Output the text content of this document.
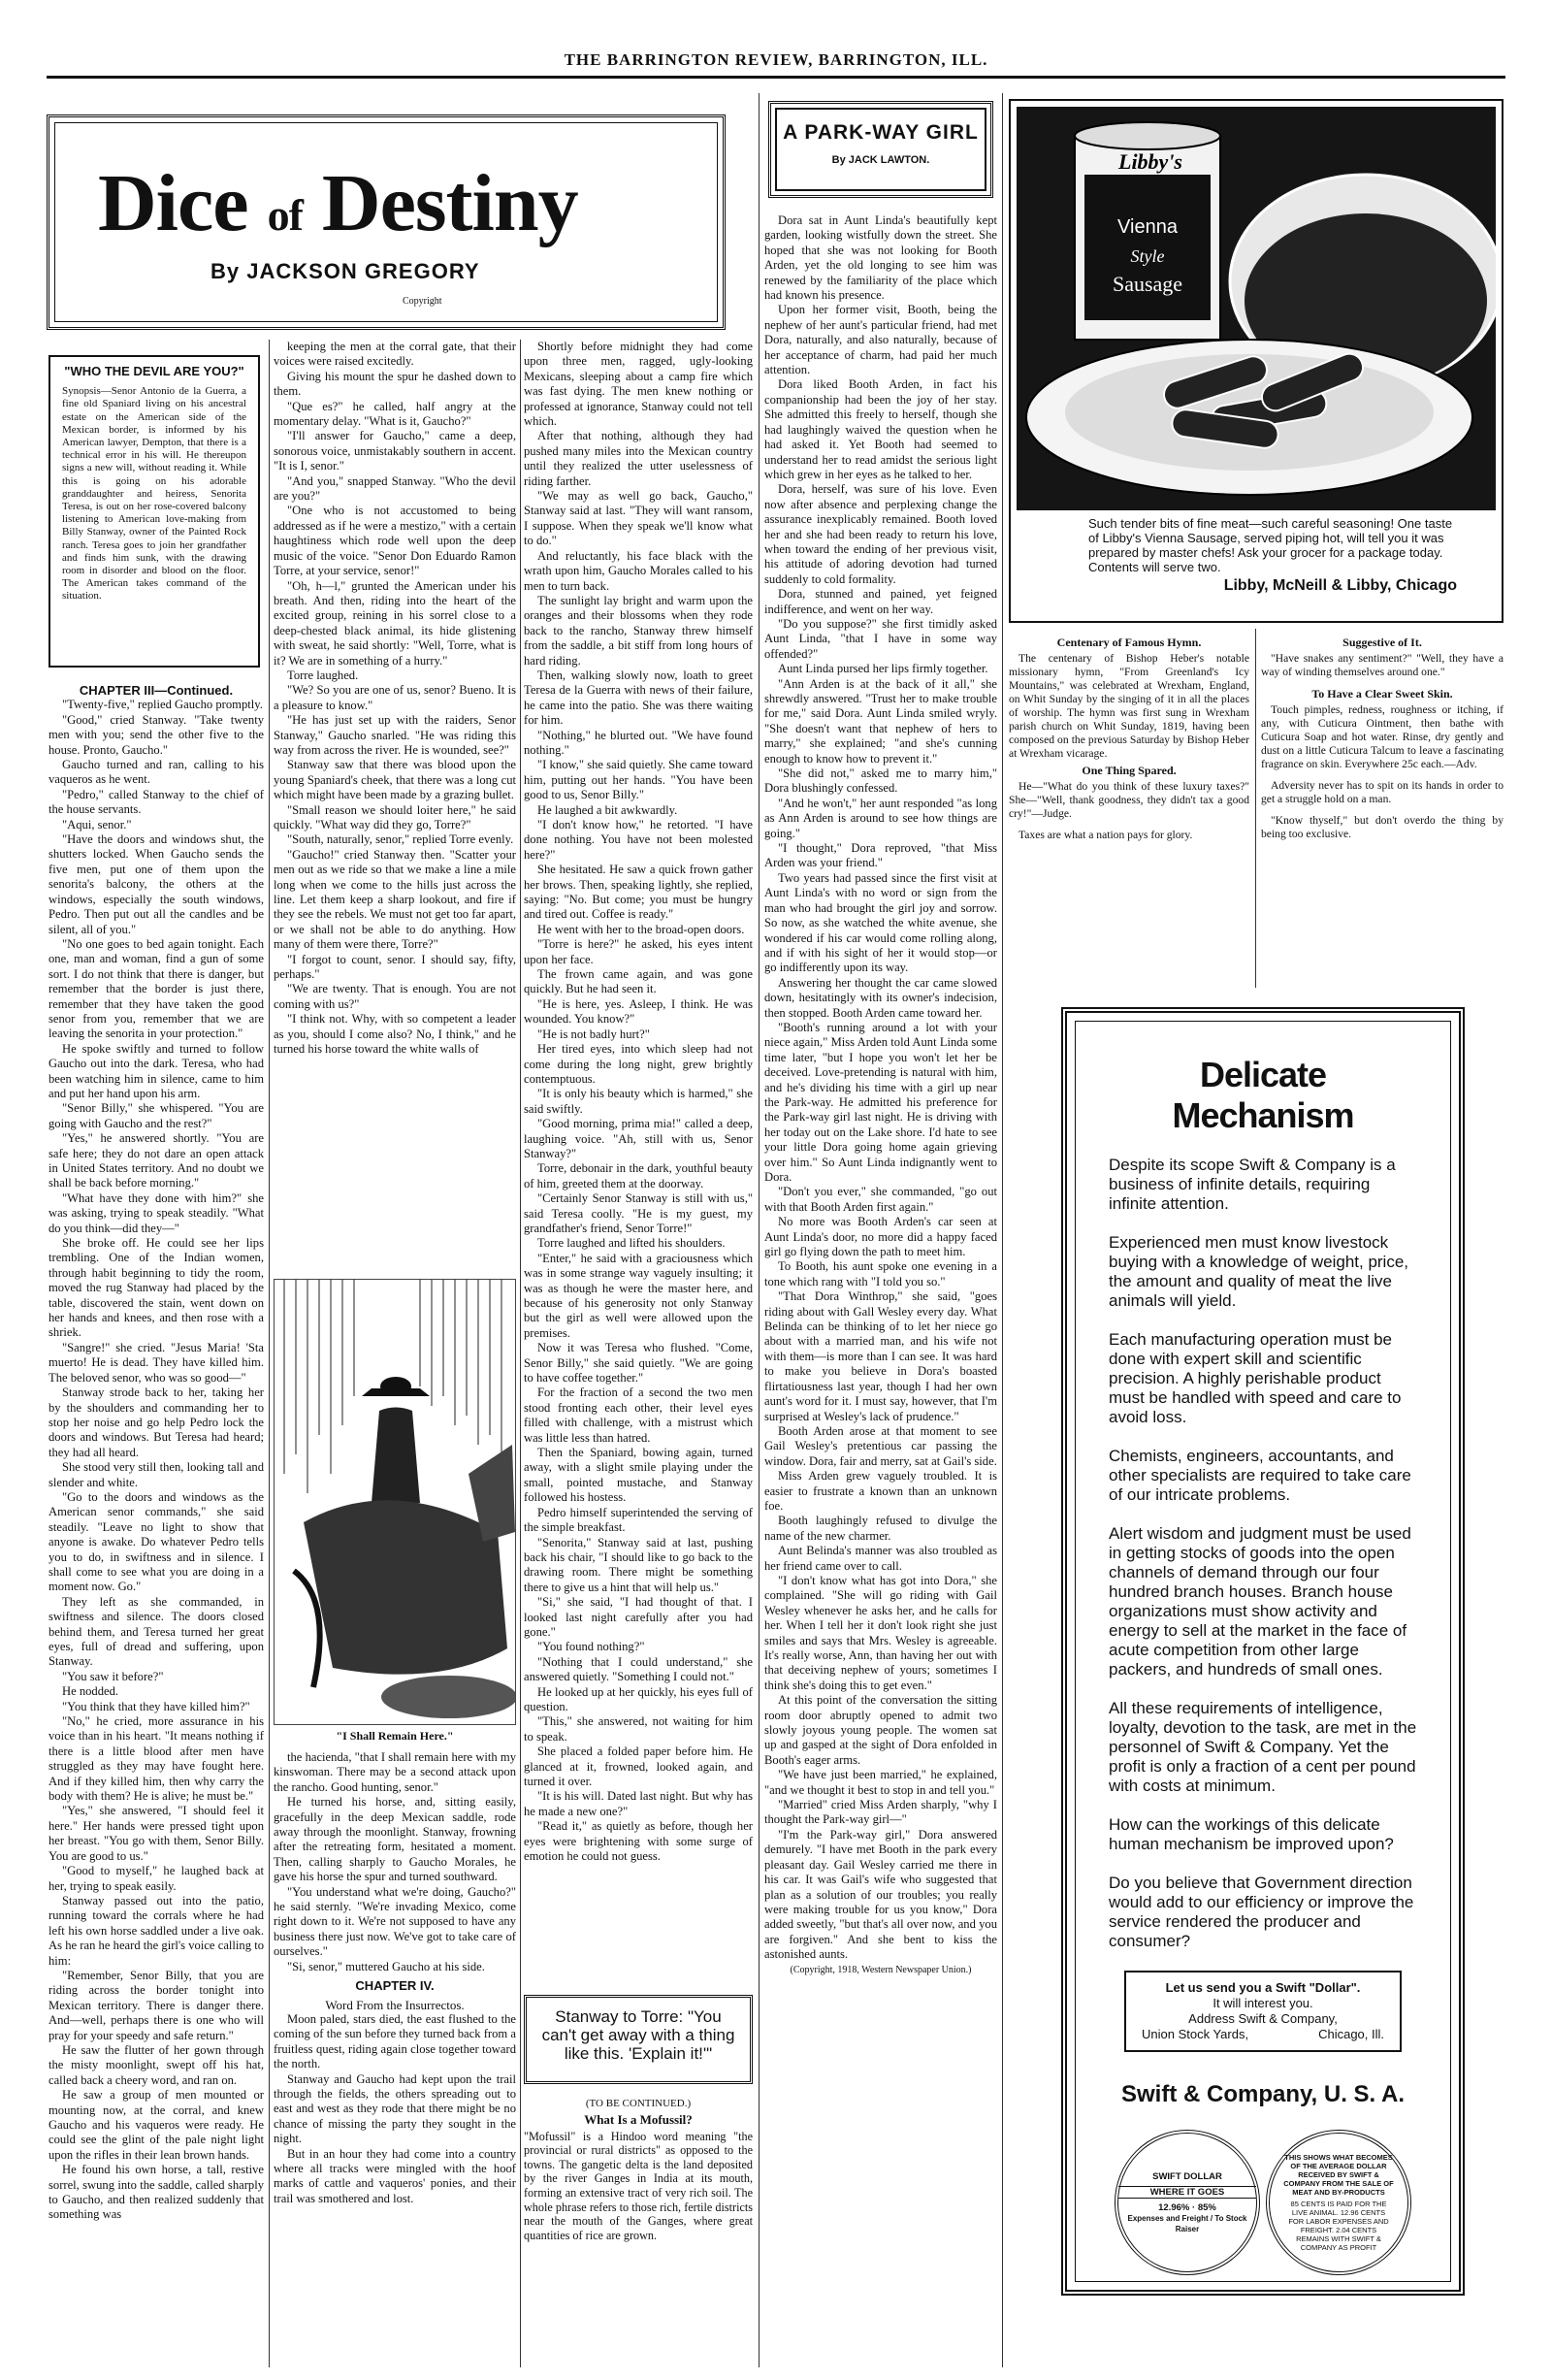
THE BARRINGTON REVIEW, BARRINGTON, ILL.
Dice of Destiny
By JACKSON GREGORY
Copyright
"WHO THE DEVIL ARE YOU?"
Synopsis—Senor Antonio de la Guerra, a fine old Spaniard living on his ancestral estate on the American side of the Mexican border, is informed by his American lawyer, Dempton, that there is a technical error in his will. He thereupon signs a new will, without reading it. While this is going on his adorable granddaughter and heiress, Senorita Teresa, is out on her rose-covered balcony listening to American love-making from Billy Stanway, owner of the Painted Rock ranch. Teresa goes to join her grandfather and finds him sunk, with the drawing room in disorder and blood on the floor. The American takes command of the situation.

CHAPTER III—Continued.

"Twenty-five," replied Gaucho promptly.

"Good," cried Stanway. "Take twenty men with you; send the other five to the house. Pronto, Gaucho."

Gaucho turned and ran, calling to his vaqueros as he went.

"Pedro," called Stanway to the chief of the house servants.

"Aqui, senor."

"Have the doors and windows shut, the shutters locked. When Gaucho sends the five men, put one of them upon the senorita's balcony, the others at the windows, especially the south windows, Pedro. Then put out all the candles and be silent, all of you."

"No one goes to bed again tonight. Each one, man and woman, find a gun of some sort. I do not think that there is danger, but remember that the border is just there, remember that they have taken the good senor from you, remember that we are leaving the senorita in your protection."

He spoke swiftly and turned to follow Gaucho out into the dark. Teresa, who had been watching him in silence, came to him and put her hand upon his arm.

"Senor Billy," she whispered. "You are going with Gaucho and the rest?"

"Yes," he answered shortly. "You are safe here; they do not dare an open attack in United States territory. And no doubt we shall be back before morning."

"What have they done with him?" she was asking, trying to speak steadily. "What do you think—did they—"

She broke off. He could see her lips trembling. One of the Indian women, through habit beginning to tidy the room, moved the rug Stanway had placed by the table, discovered the stain, went down on her hands and knees, and then rose with a shriek.

"Sangre!" she cried. "Jesus Maria! 'Sta muerto! He is dead. They have killed him. The beloved senor, who was so good—"

Stanway strode back to her, taking her by the shoulders and commanding her to stop her noise and go help Pedro lock the doors and windows. But Teresa had heard; they had all heard.

She stood very still then, looking tall and slender and white.

"Go to the doors and windows as the American senor commands," she said steadily. "Leave no light to show that anyone is awake. Do whatever Pedro tells you to do, in swiftness and in silence. I shall come to see what you are doing in a moment now. Go."

They left as she commanded, in swiftness and silence. The doors closed behind them, and Teresa turned her great eyes, full of dread and suffering, upon Stanway.

"You saw it before?"

He nodded.

"You think that they have killed him?"

"No," he cried, more assurance in his voice than in his heart. "It means nothing if there is a little blood after men have struggled as they may have fought here. And if they killed him, then why carry the body with them? He is alive; he must be."

"Yes," she answered, "I should feel it here." Her hands were pressed tight upon her breast. "You go with them, Senor Billy. You are good to us."

"Good to myself," he laughed back at her, trying to speak easily.

Stanway passed out into the patio, running toward the corrals where he had left his own horse saddled under a live oak. As he ran he heard the girl's voice calling to him:

"Remember, Senor Billy, that you are riding across the border tonight into Mexican territory. There is danger there. And—well, perhaps there is one who will pray for your speedy and safe return."

He saw the flutter of her gown through the misty moonlight, swept off his hat, called back a cheery word, and ran on.

He saw a group of men mounted or mounting now, at the corral, and knew Gaucho and his vaqueros were ready. He could see the glint of the pale night light upon the rifles in their lean brown hands.

He found his own horse, a tall, restive sorrel, swung into the saddle, called sharply to Gaucho, and then realized suddenly that something was

keeping the men at the corral gate, that their voices were raised excitedly.

Giving his mount the spur he dashed down to them.

"Que es?" he called, half angry at the momentary delay. "What is it, Gaucho?"

"I'll answer for Gaucho," came a deep, sonorous voice, unmistakably southern in accent. "It is I, senor."

"And you," snapped Stanway. "Who the devil are you?"

"One who is not accustomed to being addressed as if he were a mestizo," with a certain haughtiness which rode well upon the deep music of the voice. "Senor Don Eduardo Ramon Torre, at your service, senor!"

"Oh, h—l," grunted the American under his breath. And then, riding into the heart of the excited group, reining in his sorrel close to a deep-chested black animal, its hide glistening with sweat, he said shortly: "Well, Torre, what is it? We are in something of a hurry."

Torre laughed.

"We? So you are one of us, senor? Bueno. It is a pleasure to know."

"He has just set up with the raiders, Senor Stanway," Gaucho snarled. "He was riding this way from across the river. He is wounded, see?"

Stanway saw that there was blood upon the young Spaniard's cheek, that there was a long cut which might have been made by a grazing bullet.

"Small reason we should loiter here," he said quickly. "What way did they go, Torre?"

"South, naturally, senor," replied Torre evenly.

"Gaucho!" cried Stanway then. "Scatter your men out as we ride so that we make a line a mile long when we come to the hills just across the line. Let them keep a sharp lookout, and fire if they see the rebels. We must not get too far apart, or we shall not be able to do anything. How many of them were there, Torre?"

"I forgot to count, senor. I should say, fifty, perhaps."

"We are twenty. That is enough. You are not coming with us?"

"I think not. Why, with so competent a leader as you, should I come also? No, I think," and he turned his horse toward the white walls of

"I Shall Remain Here."

the hacienda, "that I shall remain here with my kinswoman. There may be a second attack upon the rancho. Good hunting, senor."

He turned his horse, and, sitting easily, gracefully in the deep Mexican saddle, rode away through the moonlight. Stanway, frowning after the retreating form, hesitated a moment. Then, calling sharply to Gaucho Morales, he gave his horse the spur and turned southward.

"You understand what we're doing, Gaucho?" he said sternly. "We're invading Mexico, come right down to it. We're not supposed to have any business there just now. We've got to take care of ourselves."

"Si, senor," muttered Gaucho at his side.

CHAPTER IV.

Word From the Insurrectos.

Moon paled, stars died, the east flushed to the coming of the sun before they turned back from a fruitless quest, riding again close together toward the north.

Stanway and Gaucho had kept upon the trail through the fields, the others spreading out to east and west as they rode that there might be no chance of missing the party they sought in the night.

But in an hour they had come into a country where all tracks were mingled with the hoof marks of cattle and vaqueros' ponies, and their trail was smothered and lost.

Shortly before midnight they had come upon three men, ragged, ugly-looking Mexicans, sleeping about a camp fire which was fast dying. The men knew nothing or professed at ignorance, Stanway could not tell which.

After that nothing, although they had pushed many miles into the Mexican country until they realized the utter uselessness of riding farther.

"We may as well go back, Gaucho," Stanway said at last. "They will want ransom, I suppose. When they speak we'll know what to do."

And reluctantly, his face black with the wrath upon him, Gaucho Morales called to his men to turn back.

The sunlight lay bright and warm upon the oranges and their blossoms when they rode back to the rancho, Stanway threw himself from the saddle, a bit stiff from long hours of hard riding.

Then, walking slowly now, loath to greet Teresa de la Guerra with news of their failure, he came into the patio. She was there waiting for him.

"Nothing," he blurted out. "We have found nothing."

"I know," she said quietly. She came toward him, putting out her hands. "You have been good to us, Senor Billy."

He laughed a bit awkwardly.

"I don't know how," he retorted. "I have done nothing. You have not been molested here?"

She hesitated. He saw a quick frown gather her brows. Then, speaking lightly, she replied, saying: "No. But come; you must be hungry and tired out. Coffee is ready."

He went with her to the broad-open doors.

"Torre is here?" he asked, his eyes intent upon her face.

The frown came again, and was gone quickly. But he had seen it.

"He is here, yes. Asleep, I think. He was wounded. You know?"

"He is not badly hurt?"

Her tired eyes, into which sleep had not come during the long night, grew brightly contemptuous.

"It is only his beauty which is harmed," she said swiftly.

"Good morning, prima mia!" called a deep, laughing voice. "Ah, still with us, Senor Stanway?"

Torre, debonair in the dark, youthful beauty of him, greeted them at the doorway.

"Certainly Senor Stanway is still with us," said Teresa coolly. "He is my guest, my grandfather's friend, Senor Torre!"

Torre laughed and lifted his shoulders.

"Enter," he said with a graciousness which was in some strange way vaguely insulting; it was as though he were the master here, and because of his generosity not only Stanway but the girl as well were allowed upon the premises.

Now it was Teresa who flushed. "Come, Senor Billy," she said quietly. "We are going to have coffee together."

For the fraction of a second the two men stood fronting each other, their level eyes filled with challenge, with a mistrust which was little less than hatred.

Then the Spaniard, bowing again, turned away, with a slight smile playing under the small, pointed mustache, and Stanway followed his hostess.

Pedro himself superintended the serving of the simple breakfast.

"Senorita," Stanway said at last, pushing back his chair, "I should like to go back to the drawing room. There might be something there to give us a hint that will help us."

"Si," she said, "I had thought of that. I looked last night carefully after you had gone."

"You found nothing?"

"Nothing that I could understand," she answered quietly. "Something I could not."

He looked up at her quickly, his eyes full of question.

"This," she answered, not waiting for him to speak.

She placed a folded paper before him. He glanced at it, frowned, looked again, and turned it over.

"It is his will. Dated last night. But why has he made a new one?"

"Read it," as quietly as before, though her eyes were brightening with some surge of emotion he could not guess.

Stanway to Torre: "You can't get away with a thing like this. 'Explain it!'"
(TO BE CONTINUED.)
What Is a Mofussil?
"Mofussil" is a Hindoo word meaning "the provincial or rural districts" as opposed to the towns. The gangetic delta is the land deposited by the river Ganges in India at its mouth, forming an extensive tract of very rich soil. The whole phrase refers to those rich, fertile districts near the mouth of the Ganges, where great quantities of rice are grown.
A PARK-WAY GIRL
By JACK LAWTON.

Dora sat in Aunt Linda's beautifully kept garden, looking wistfully down the street. She hoped that she was not looking for Booth Arden, yet the old longing to see him was renewed by the familiarity of the place which had known his presence.

Upon her former visit, Booth, being the nephew of her aunt's particular friend, had met Dora, naturally, and also naturally, because of her acceptance of charm, had paid her much attention.

Dora liked Booth Arden, in fact his companionship had been the joy of her stay. She admitted this freely to herself, though she had laughingly waived the question when he had asked it. Yet Booth had seemed to understand her to read amidst the serious light which grew in her eyes as he talked to her.

Dora, herself, was sure of his love. Even now after absence and perplexing change the assurance inexplicably remained. Booth loved her and she had been ready to return his love, when toward the ending of her previous visit, his attitude of adoring devotion had turned suddenly to cold formality.

Dora, stunned and pained, yet feigned indifference, and went on her way.

"Do you suppose?" she first timidly asked Aunt Linda, "that I have in some way offended?"

Aunt Linda pursed her lips firmly together.

"Ann Arden is at the back of it all," she shrewdly answered. "Trust her to make trouble for me," said Dora. Aunt Linda smiled wryly. "She doesn't want that nephew of hers to marry," she explained; "and she's cunning enough to know how to prevent it."

"She did not," asked me to marry him," Dora blushingly confessed.

"And he won't," her aunt responded "as long as Ann Arden is around to see how things are going."

"I thought," Dora reproved, "that Miss Arden was your friend."

Two years had passed since the first visit at Aunt Linda's with no word or sign from the man who had brought the girl joy and sorrow. So now, as she watched the white avenue, she wondered if his car would come rolling along, and if with his sight of her it would stop—or go indifferently upon its way.

Answering her thought the car came slowed down, hesitatingly with its owner's indecision, then stopped. Booth Arden came toward her.

"Booth's running around a lot with your niece again," Miss Arden told Aunt Linda some time later, "but I hope you won't let her be deceived. Love-pretending is natural with him, and he's dividing his time with a girl up near the Park-way. He admitted his preference for the Park-way girl last night. He is driving with her today out on the Lake shore. I'd hate to see your little Dora going home again grieving over him." So Aunt Linda indignantly went to Dora.

"Don't you ever," she commanded, "go out with that Booth Arden first again."

No more was Booth Arden's car seen at Aunt Linda's door, no more did a happy faced girl go flying down the path to meet him.

To Booth, his aunt spoke one evening in a tone which rang with "I told you so."

"That Dora Winthrop," she said, "goes riding about with Gall Wesley every day. What Belinda can be thinking of to let her niece go about with a married man, and his wife not with them—is more than I can see. It was hard to make you believe in Dora's boasted flirtatiousness last year, though I had her own aunt's word for it. I must say, however, that I'm surprised at Wesley's lack of prudence."

Booth Arden arose at that moment to see Gail Wesley's pretentious car passing the window. Dora, fair and merry, sat at Gail's side.

Miss Arden grew vaguely troubled. It is easier to frustrate a known than an unknown foe.

Booth laughingly refused to divulge the name of the new charmer.

Aunt Belinda's manner was also troubled as her friend came over to call.

"I don't know what has got into Dora," she complained. "She will go riding with Gail Wesley whenever he asks her, and he calls for her. When I tell her it don't look right she just smiles and says that Mrs. Wesley is agreeable. It's really worse, Ann, than having her out with that deceiving nephew of yours; sometimes I think she's doing this to get even."

At this point of the conversation the sitting room door abruptly opened to admit two slowly joyous young people. The women sat up and gasped at the sight of Dora enfolded in Booth's eager arms.

"We have just been married," he explained, "and we thought it best to stop in and tell you."

"Married" cried Miss Arden sharply, "why I thought the Park-way girl—"

"I'm the Park-way girl," Dora answered demurely. "I have met Booth in the park every pleasant day. Gail Wesley carried me there in his car. It was Gail's wife who suggested that plan as a solution of our troubles; you really were making trouble for us you know," Dora added sweetly, "but that's all over now, and you are forgiven." And she bent to kiss the astonished aunts.

(Copyright, 1918, Western Newspaper Union.)

Libby's
Vienna
Style
Sausage
Such tender bits of fine meat—such careful seasoning! One taste of Libby's Vienna Sausage, served piping hot, will tell you it was prepared by master chefs! Ask your grocer for a package today. Contents will serve two.
Libby, McNeill & Libby, Chicago
Centenary of Famous Hymn.

The centenary of Bishop Heber's notable missionary hymn, "From Greenland's Icy Mountains," was celebrated at Wrexham, England, on Whit Sunday by the singing of it in all the places of worship. The hymn was first sung in Wrexham parish church on Whit Sunday, 1819, having been composed on the previous Saturday by Bishop Heber at Wrexham vicarage.

One Thing Spared.

He—"What do you think of these luxury taxes?" She—"Well, thank goodness, they didn't tax a good cry!"—Judge.

Taxes are what a nation pays for glory.

Suggestive of It.

"Have snakes any sentiment?" "Well, they have a way of winding themselves around one."

To Have a Clear Sweet Skin.

Touch pimples, redness, roughness or itching, if any, with Cuticura Ointment, then bathe with Cuticura Soap and hot water. Rinse, dry gently and dust on a little Cuticura Talcum to leave a fascinating fragrance on skin. Everywhere 25c each.—Adv.

Adversity never has to spit on its hands in order to get a struggle hold on a man.

"Know thyself," but don't overdo the thing by being too exclusive.

Delicate Mechanism

Despite its scope Swift & Company is a business of infinite details, requiring infinite attention.

Experienced men must know livestock buying with a knowledge of weight, price, the amount and quality of meat the live animals will yield.

Each manufacturing operation must be done with expert skill and scientific precision. A highly perishable product must be handled with speed and care to avoid loss.

Chemists, engineers, accountants, and other specialists are required to take care of our intricate problems.

Alert wisdom and judgment must be used in getting stocks of goods into the open channels of demand through our four hundred branch houses. Branch house organizations must show activity and energy to sell at the market in the face of acute competition from other large packers, and hundreds of small ones.

All these requirements of intelligence, loyalty, devotion to the task, are met in the personnel of Swift & Company. Yet the profit is only a fraction of a cent per pound with costs at minimum.

How can the workings of this delicate human mechanism be improved upon?

Do you believe that Government direction would add to our efficiency or improve the service rendered the producer and consumer?

Let us send you a Swift "Dollar".
It will interest you.
Address Swift & Company,
Union Stock Yards,	Chicago, Ill.
Swift & Company, U. S. A.
SWIFT DOLLAR
WHERE IT GOES
12.96% · 85%
Expenses and Freight / To Stock Raiser
THIS SHOWS WHAT BECOMES OF THE AVERAGE DOLLAR RECEIVED BY SWIFT & COMPANY FROM THE SALE OF MEAT AND BY-PRODUCTS
85 CENTS IS PAID FOR THE LIVE ANIMAL. 12.96 CENTS FOR LABOR EXPENSES AND FREIGHT. 2.04 CENTS REMAINS WITH SWIFT & COMPANY AS PROFIT
